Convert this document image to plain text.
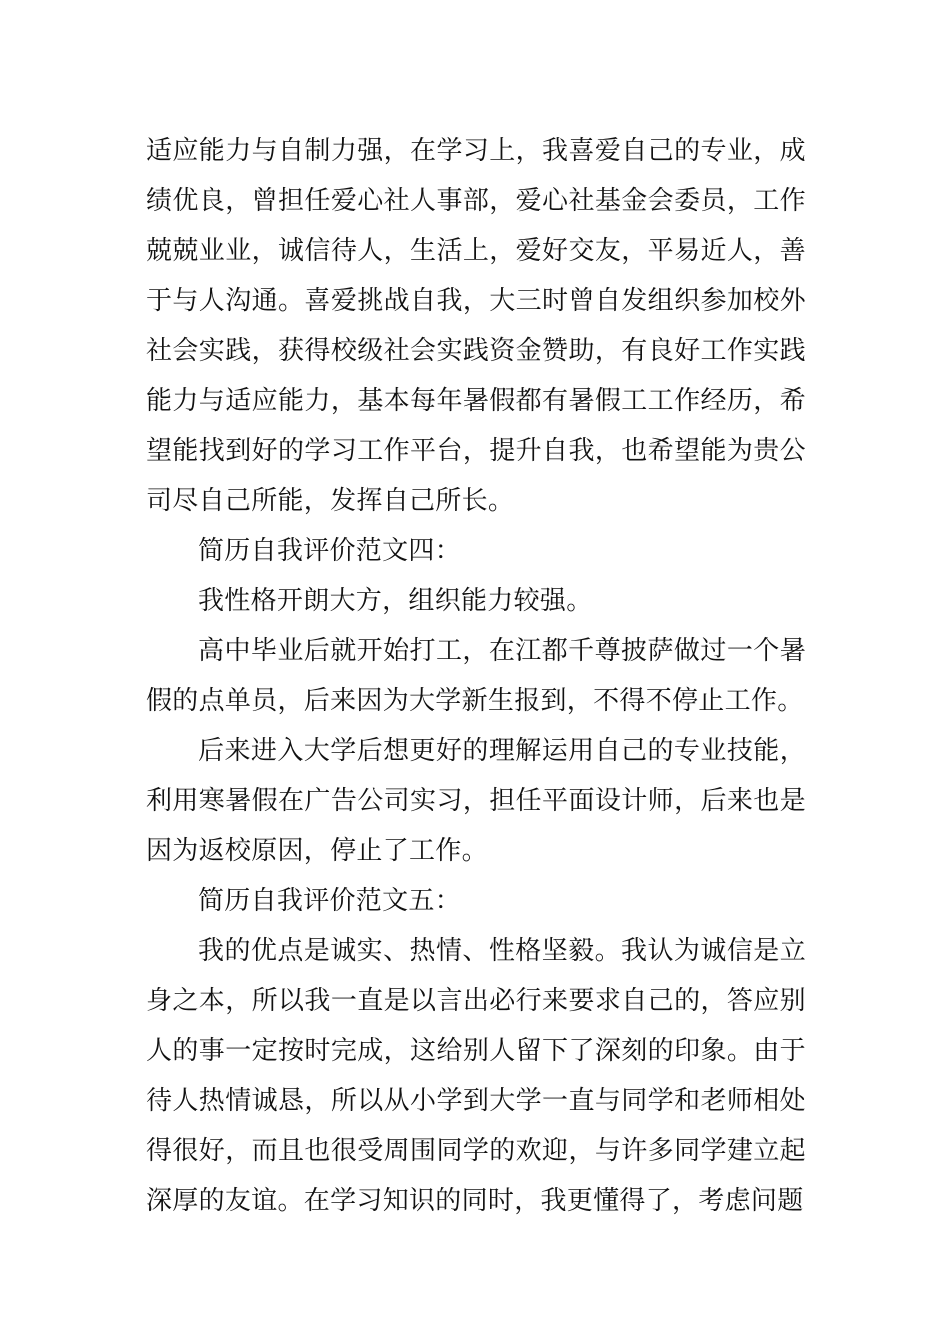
适应能力与自制力强，在学习上，我喜爱自己的专业，成绩优良，曾担任爱心社人事部，爱心社基金会委员，工作兢兢业业，诚信待人，生活上，爱好交友，平易近人，善于与人沟通。喜爱挑战自我，大三时曾自发组织参加校外社会实践，获得校级社会实践资金赞助，有良好工作实践能力与适应能力，基本每年暑假都有暑假工工作经历，希望能找到好的学习工作平台，提升自我，也希望能为贵公司尽自己所能，发挥自己所长。

简历自我评价范文四：

我性格开朗大方，组织能力较强。

高中毕业后就开始打工，在江都千尊披萨做过一个暑假的点单员，后来因为大学新生报到，不得不停止工作。

后来进入大学后想更好的理解运用自己的专业技能，利用寒暑假在广告公司实习，担任平面设计师，后来也是因为返校原因，停止了工作。

简历自我评价范文五：

我的优点是诚实、热情、性格坚毅。我认为诚信是立身之本，所以我一直是以言出必行来要求自己的，答应别人的事一定按时完成，这给别人留下了深刻的印象。由于待人热情诚恳，所以从小学到大学一直与同学和老师相处得很好，而且也很受周围同学的欢迎，与许多同学建立起深厚的友谊。在学习知识的同时，我更懂得了，考虑问题
